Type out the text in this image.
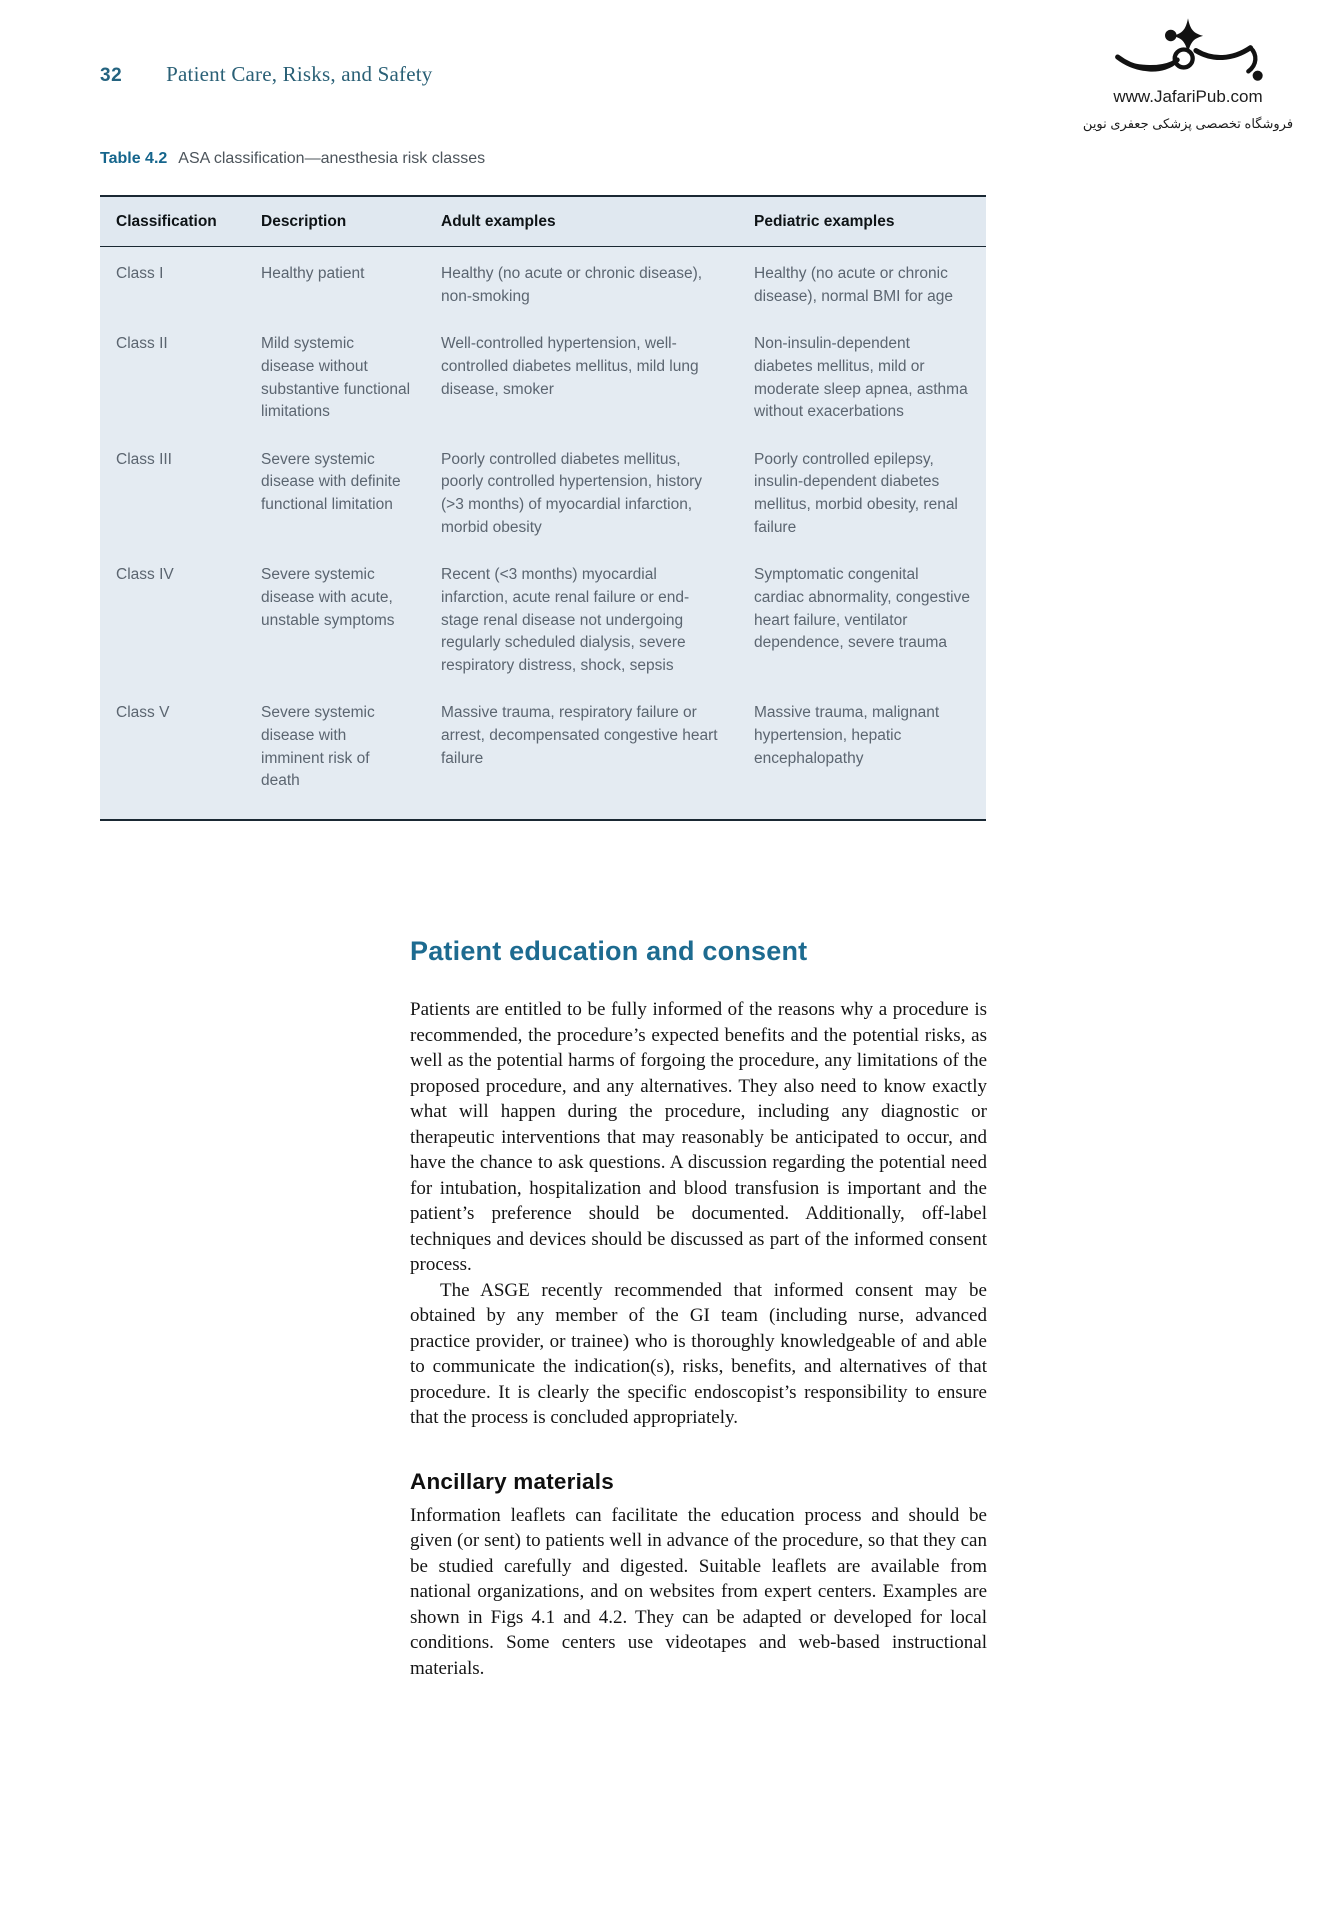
32 Patient Care, Risks, and Safety
www.JafariPub.com
فروشگاه تخصصی پزشکی جعفری نوین

Table 4.2 ASA classification—anesthesia risk classes

Classification	Description	Adult examples	Pediatric examples
Class I	Healthy patient	Healthy (no acute or chronic disease), non-smoking	Healthy (no acute or chronic disease), normal BMI for age
Class II	Mild systemic disease without substantive functional limitations	Well-controlled hypertension, well-controlled diabetes mellitus, mild lung disease, smoker	Non-insulin-dependent diabetes mellitus, mild or moderate sleep apnea, asthma without exacerbations
Class III	Severe systemic disease with definite functional limitation	Poorly controlled diabetes mellitus, poorly controlled hypertension, history (>3 months) of myocardial infarction, morbid obesity	Poorly controlled epilepsy, insulin-dependent diabetes mellitus, morbid obesity, renal failure
Class IV	Severe systemic disease with acute, unstable symptoms	Recent (<3 months) myocardial infarction, acute renal failure or end-stage renal disease not undergoing regularly scheduled dialysis, severe respiratory distress, shock, sepsis	Symptomatic congenital cardiac abnormality, congestive heart failure, ventilator dependence, severe trauma
Class V	Severe systemic disease with imminent risk of death	Massive trauma, respiratory failure or arrest, decompensated congestive heart failure	Massive trauma, malignant hypertension, hepatic encephalopathy
Patient education and consent

Patients are entitled to be fully informed of the reasons why a procedure is recommended, the procedure’s expected benefits and the potential risks, as well as the potential harms of forgoing the procedure, any limitations of the proposed procedure, and any alternatives. They also need to know exactly what will happen during the procedure, including any diagnostic or therapeutic interventions that may reasonably be anticipated to occur, and have the chance to ask questions. A discussion regarding the potential need for intubation, hospitalization and blood transfusion is important and the patient’s preference should be documented. Additionally, off-label techniques and devices should be discussed as part of the informed consent process.

The ASGE recently recommended that informed consent may be obtained by any member of the GI team (including nurse, advanced practice provider, or trainee) who is thoroughly knowledgeable of and able to communicate the indication(s), risks, benefits, and alternatives of that procedure. It is clearly the specific endoscopist’s responsibility to ensure that the process is concluded appropriately.

Ancillary materials

Information leaflets can facilitate the education process and should be given (or sent) to patients well in advance of the procedure, so that they can be studied carefully and digested. Suitable leaflets are available from national organizations, and on websites from expert centers. Examples are shown in Figs 4.1 and 4.2. They can be adapted or developed for local conditions. Some centers use videotapes and web-based instructional materials.
